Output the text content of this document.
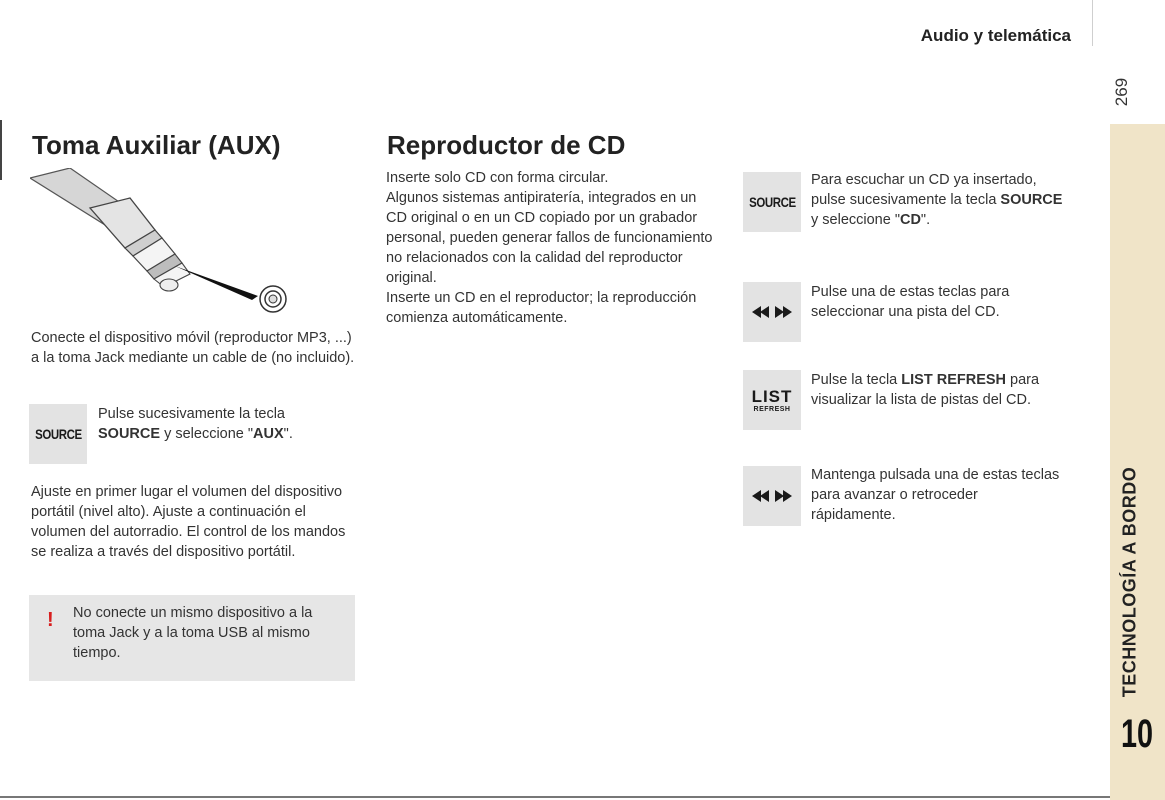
Audio y telemática
269
TECHNOLOGÍA A BORDO
10
Toma Auxiliar (AUX)

Conecte el dispositivo móvil (reproductor MP3, ...) a la toma Jack mediante un cable de (no incluido).

SOURCE

Pulse sucesivamente la tecla SOURCE y seleccione "AUX".

Ajuste en primer lugar el volumen del dispositivo portátil (nivel alto). Ajuste a continuación el volumen del autorradio. El control de los mandos se realiza a través del dispositivo portátil.

! No conecte un mismo dispositivo a la toma Jack y a la toma USB al mismo tiempo.

Reproductor de CD
Inserte solo CD con forma circular.
Algunos sistemas antipiratería, integrados en un CD original o en un CD copiado por un grabador personal, pueden generar fallos de funcionamiento no relacionados con la calidad del reproductor original.
Inserte un CD en el reproductor; la reproducción comienza automáticamente.
SOURCE

Para escuchar un CD ya insertado, pulse sucesivamente la tecla SOURCE y seleccione "CD".

Pulse una de estas teclas para seleccionar una pista del CD.

LIST
REFRESH

Pulse la tecla LIST REFRESH para visualizar la lista de pistas del CD.

Mantenga pulsada una de estas teclas para avanzar o retroceder rápidamente.
